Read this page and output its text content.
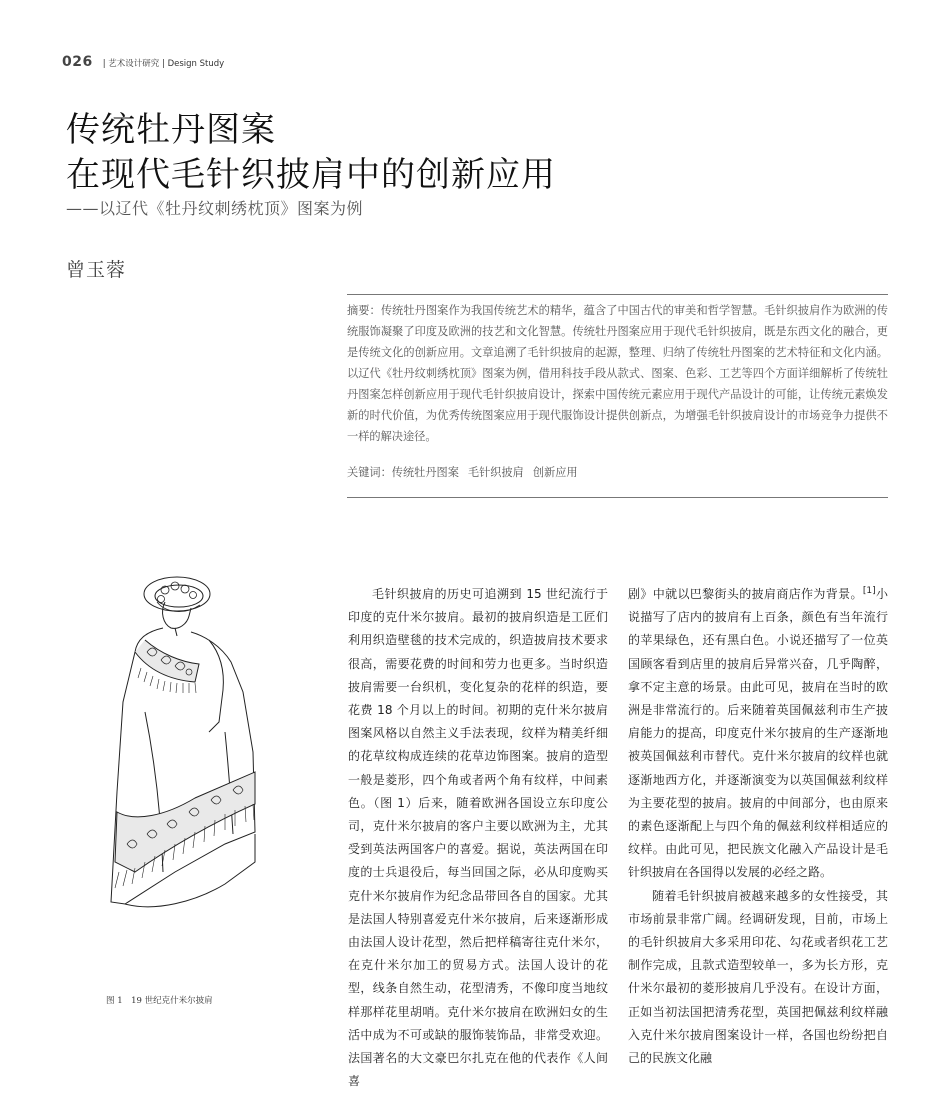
026 | 艺术设计研究 | Design Study
传统牡丹图案
在现代毛针织披肩中的创新应用
——以辽代《牡丹纹刺绣枕顶》图案为例
曾玉蓉
摘要：传统牡丹图案作为我国传统艺术的精华，蕴含了中国古代的审美和哲学智慧。毛针织披肩作为欧洲的传统服饰凝聚了印度及欧洲的技艺和文化智慧。传统牡丹图案应用于现代毛针织披肩，既是东西文化的融合，更是传统文化的创新应用。文章追溯了毛针织披肩的起源，整理、归纳了传统牡丹图案的艺术特征和文化内涵。以辽代《牡丹纹刺绣枕顶》图案为例，借用科技手段从款式、图案、色彩、工艺等四个方面详细解析了传统牡丹图案怎样创新应用于现代毛针织披肩设计，探索中国传统元素应用于现代产品设计的可能，让传统元素焕发新的时代价值，为优秀传统图案应用于现代服饰设计提供创新点，为增强毛针织披肩设计的市场竞争力提供不一样的解决途径。
关键词：传统牡丹图案 毛针织披肩 创新应用
图 1　19 世纪克什米尔披肩

毛针织披肩的历史可追溯到 15 世纪流行于印度的克什米尔披肩。最初的披肩织造是工匠们利用织造壁毯的技术完成的，织造披肩技术要求很高，需要花费的时间和劳力也更多。当时织造披肩需要一台织机，变化复杂的花样的织造，要花费 18 个月以上的时间。初期的克什米尔披肩图案风格以自然主义手法表现，纹样为精美纤细的花草纹构成连续的花草边饰图案。披肩的造型一般是菱形，四个角或者两个角有纹样，中间素色。（图 1）后来，随着欧洲各国设立东印度公司，克什米尔披肩的客户主要以欧洲为主，尤其受到英法两国客户的喜爱。据说，英法两国在印度的士兵退役后，每当回国之际，必从印度购买克什米尔披肩作为纪念品带回各自的国家。尤其是法国人特别喜爱克什米尔披肩，后来逐渐形成由法国人设计花型，然后把样稿寄往克什米尔，在克什米尔加工的贸易方式。法国人设计的花型，线条自然生动，花型清秀，不像印度当地纹样那样花里胡哨。克什米尔披肩在欧洲妇女的生活中成为不可或缺的服饰装饰品，非常受欢迎。法国著名的大文豪巴尔扎克在他的代表作《人间喜

剧》中就以巴黎街头的披肩商店作为背景。[1]小说描写了店内的披肩有上百条，颜色有当年流行的苹果绿色，还有黑白色。小说还描写了一位英国顾客看到店里的披肩后异常兴奋，几乎陶醉，拿不定主意的场景。由此可见，披肩在当时的欧洲是非常流行的。后来随着英国佩兹利市生产披肩能力的提高，印度克什米尔披肩的生产逐渐地被英国佩兹利市替代。克什米尔披肩的纹样也就逐渐地西方化，并逐渐演变为以英国佩兹利纹样为主要花型的披肩。披肩的中间部分，也由原来的素色逐渐配上与四个角的佩兹利纹样相适应的纹样。由此可见，把民族文化融入产品设计是毛针织披肩在各国得以发展的必经之路。

随着毛针织披肩被越来越多的女性接受，其市场前景非常广阔。经调研发现，目前，市场上的毛针织披肩大多采用印花、勾花或者织花工艺制作完成，且款式造型较单一，多为长方形，克什米尔最初的菱形披肩几乎没有。在设计方面，正如当初法国把清秀花型，英国把佩兹利纹样融入克什米尔披肩图案设计一样，各国也纷纷把自己的民族文化融
